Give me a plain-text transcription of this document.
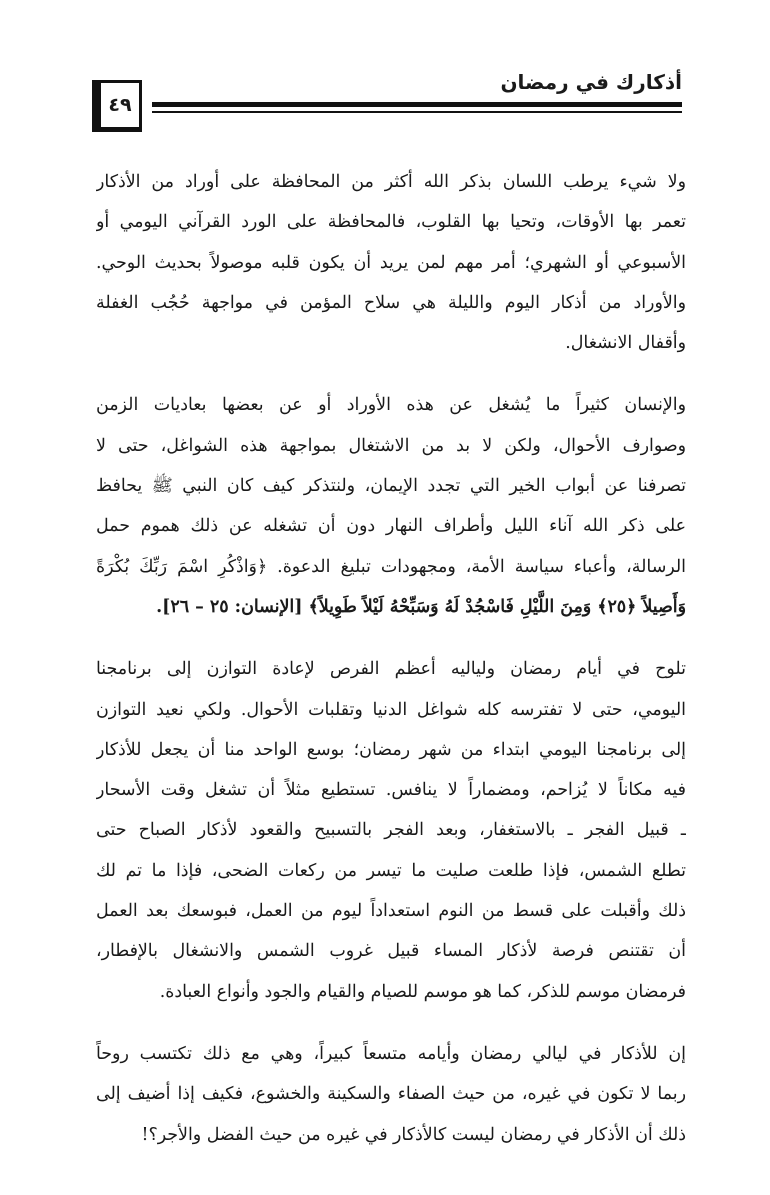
٤٩
أذكارك في رمضان
ولا شيء يرطب اللسان بذكر الله أكثر من المحافظة على أوراد من الأذكار
تعمر بها الأوقات، وتحيا بها القلوب، فالمحافظة على الورد القرآني اليومي أو
الأسبوعي أو الشهري؛ أمر مهم لمن يريد أن يكون قلبه موصولاً بحديث الوحي.
والأوراد من أذكار اليوم والليلة هي سلاح المؤمن في مواجهة حُجُب الغفلة
وأقفال الانشغال.
والإنسان كثيراً ما يُشغل عن هذه الأوراد أو عن بعضها بعاديات الزمن
وصوارف الأحوال، ولكن لا بد من الاشتغال بمواجهة هذه الشواغل، حتى لا
تصرفنا عن أبواب الخير التي تجدد الإيمان، ولنتذكر كيف كان النبي ﷺ يحافظ
على ذكر الله آناء الليل وأطراف النهار دون أن تشغله عن ذلك هموم حمل
الرسالة، وأعباء سياسة الأمة، ومجهودات تبليغ الدعوة. ﴿وَاذْكُرِ اسْمَ رَبِّكَ بُكْرَةً
وَأَصِيلاً ﴿٢٥﴾ وَمِنَ اللَّيْلِ فَاسْجُدْ لَهُ وَسَبِّحْهُ لَيْلاً طَوِيلاً﴾ [الإنسان: ٢٥ – ٢٦].
تلوح في أيام رمضان ولياليه أعظم الفرص لإعادة التوازن إلى برنامجنا
اليومي، حتى لا تفترسه كله شواغل الدنيا وتقلبات الأحوال. ولكي نعيد التوازن
إلى برنامجنا اليومي ابتداء من شهر رمضان؛ بوسع الواحد منا أن يجعل للأذكار
فيه مكاناً لا يُزاحم، ومضماراً لا ينافس. تستطيع مثلاً أن تشغل وقت الأسحار
ـ قبيل الفجر ـ بالاستغفار، وبعد الفجر بالتسبيح والقعود لأذكار الصباح حتى
تطلع الشمس، فإذا طلعت صليت ما تيسر من ركعات الضحى، فإذا ما تم لك
ذلك وأقبلت على قسط من النوم استعداداً ليوم من العمل، فبوسعك بعد العمل
أن تقتنص فرصة لأذكار المساء قبيل غروب الشمس والانشغال بالإفطار،
فرمضان موسم للذكر، كما هو موسم للصيام والقيام والجود وأنواع العبادة.
إن للأذكار في ليالي رمضان وأيامه متسعاً كبيراً، وهي مع ذلك تكتسب روحاً
ربما لا تكون في غيره، من حيث الصفاء والسكينة والخشوع، فكيف إذا أضيف إلى
ذلك أن الأذكار في رمضان ليست كالأذكار في غيره من حيث الفضل والأجر؟!
